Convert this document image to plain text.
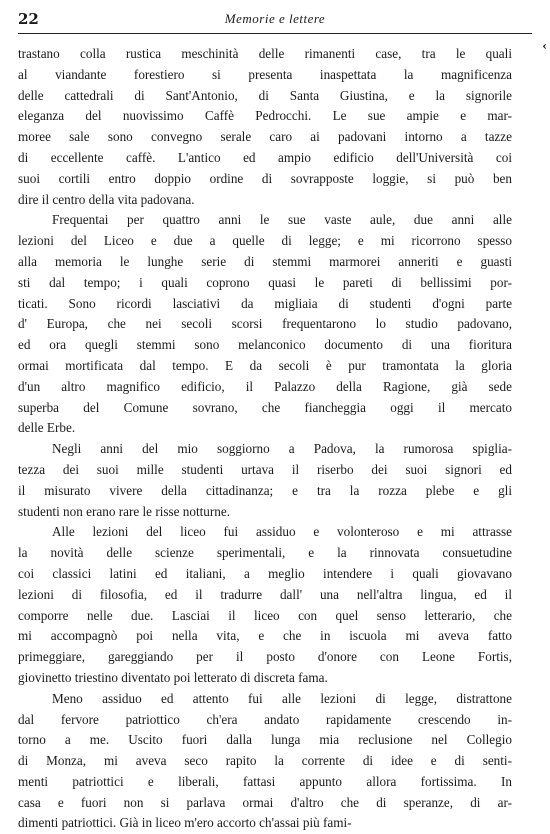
22	Memorie e lettere
‹
trastano colla rustica meschinità delle rimanenti case, tra le quali
al viandante forestiero si presenta inaspettata la magnificenza
delle cattedrali di Sant'Antonio, di Santa Giustina, e la signorile
eleganza del nuovissimo Caffè Pedrocchi. Le sue ampie e mar-
moree sale sono convegno serale caro ai padovani intorno a tazze
di eccellente caffè. L'antico ed ampio edificio dell'Università coi
suoi cortili entro doppio ordine di sovrapposte loggie, si può ben
dire il centro della vita padovana.
Frequentai per quattro anni le sue vaste aule, due anni alle
lezioni del Liceo e due a quelle di legge; e mi ricorrono spesso
alla memoria le lunghe serie di stemmi marmorei anneriti e guasti
sti dal tempo; i quali coprono quasi le pareti di bellissimi por-
ticati. Sono ricordi lasciativi da migliaia di studenti d'ogni parte
d' Europa, che nei secoli scorsi frequentarono lo studio padovano,
ed ora quegli stemmi sono melanconico documento di una fioritura
ormai mortificata dal tempo. E da secoli è pur tramontata la gloria
d'un altro magnifico edificio, il Palazzo della Ragione, già sede
superba del Comune sovrano, che fiancheggia oggi il mercato
delle Erbe.
Negli anni del mio soggiorno a Padova, la rumorosa spiglia-
tezza dei suoi mille studenti urtava il riserbo dei suoi signori ed
il misurato vivere della cittadinanza; e tra la rozza plebe e gli
studenti non erano rare le risse notturne.
Alle lezioni del liceo fui assiduo e volonteroso e mi attrasse
la novità delle scienze sperimentali, e la rinnovata consuetudine
coi classici latini ed italiani, a meglio intendere i quali giovavano
lezioni di filosofia, ed il tradurre dall' una nell'altra lingua, ed il
comporre nelle due. Lasciai il liceo con quel senso letterario, che
mi accompagnò poi nella vita, e che in iscuola mi aveva fatto
primeggiare, gareggiando per il posto d'onore con Leone Fortis,
giovinetto triestino diventato poi letterato di discreta fama.
Meno assiduo ed attento fui alle lezioni di legge, distrattone
dal fervore patriottico ch'era andato rapidamente crescendo in-
torno a me. Uscito fuori dalla lunga mia reclusione nel Collegio
di Monza, mi aveva seco rapito la corrente di idee e di senti-
menti patriottici e liberali, fattasi appunto allora fortissima. In
casa e fuori non si parlava ormai d'altro che di speranze, di ar-
dimenti patriottici. Già in liceo m'ero accorto ch'assai più fami-
